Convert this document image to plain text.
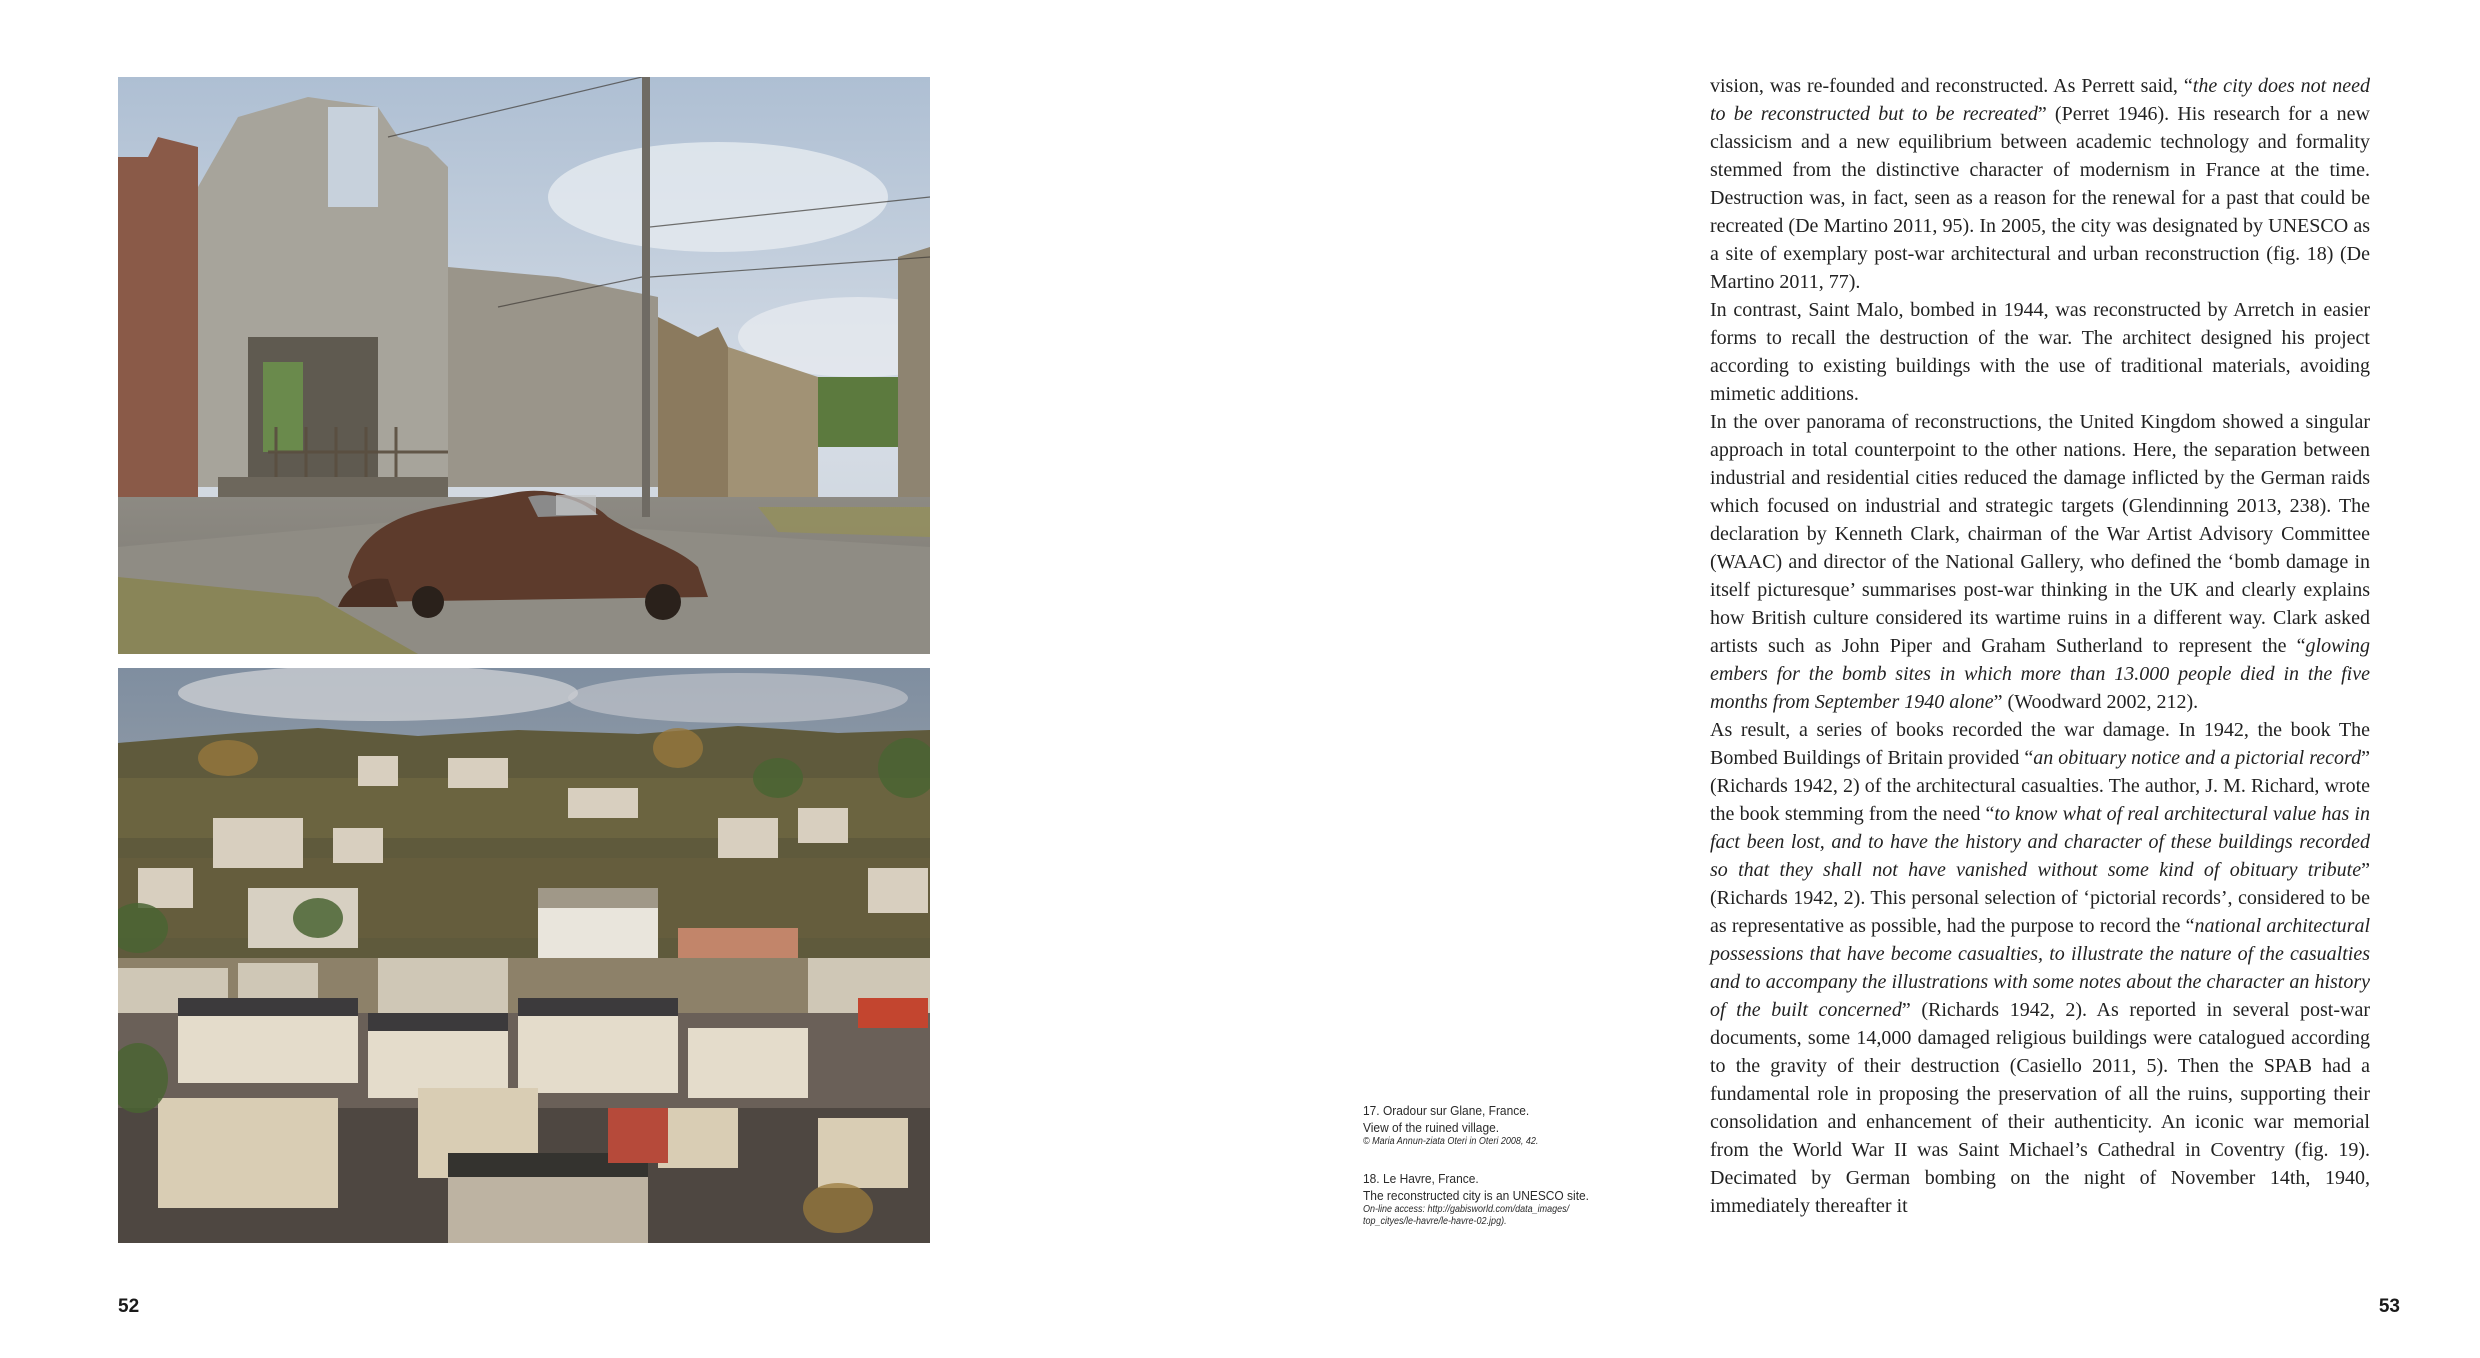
52
17. Oradour sur Glane, France.
View of the ruined village.
© Maria Annun-ziata Oteri in Oteri 2008, 42.
18. Le Havre, France.
The reconstructed city is an UNESCO site.
On-line access: http://gabisworld.com/data_images/
top_cityes/le-havre/le-havre-02.jpg).

vision, was re-founded and reconstructed. As Perrett said, “the city does not need to be reconstructed but to be recreated” (Perret 1946). His research for a new classicism and a new equilibrium between academic technology and formality stemmed from the distinctive character of modernism in France at the time. Destruction was, in fact, seen as a reason for the renewal for a past that could be recreated (De Martino 2011, 95). In 2005, the city was designated by UNESCO as a site of exemplary post-war architectural and urban reconstruction (fig. 18) (De Martino 2011, 77).

In contrast, Saint Malo, bombed in 1944, was reconstructed by Arretch in easier forms to recall the destruction of the war. The architect designed his project according to existing buildings with the use of traditional materials, avoiding mimetic additions.

In the over panorama of reconstructions, the United Kingdom showed a singular approach in total counterpoint to the other nations. Here, the separation between industrial and residential cities reduced the damage inflicted by the German raids which focused on industrial and strategic targets (Glendinning 2013, 238). The declaration by Kenneth Clark, chairman of the War Artist Advisory Committee (WAAC) and director of the National Gallery, who defined the ‘bomb damage in itself picturesque’ summarises post-war thinking in the UK and clearly explains how British culture considered its wartime ruins in a different way. Clark asked artists such as John Piper and Graham Sutherland to represent the “glowing embers for the bomb sites in which more than 13.000 people died in the five months from September 1940 alone” (Woodward 2002, 212).

As result, a series of books recorded the war damage. In 1942, the book The Bombed Buildings of Britain provided “an obituary notice and a pictorial record” (Richards 1942, 2) of the architectural casualties. The author, J. M. Richard, wrote the book stemming from the need “to know what of real architectural value has in fact been lost, and to have the history and character of these buildings recorded so that they shall not have vanished without some kind of obituary tribute” (Richards 1942, 2). This personal selection of ‘pictorial records’, considered to be as representative as possible, had the purpose to record the “national architectural possessions that have become casualties, to illustrate the nature of the casualties and to accompany the illustrations with some notes about the character an history of the built concerned” (Richards 1942, 2). As reported in several post-war documents, some 14,000 damaged religious buildings were catalogued according to the gravity of their destruction (Casiello 2011, 5). Then the SPAB had a fundamental role in proposing the preservation of all the ruins, supporting their consolidation and enhancement of their authenticity. An iconic war memorial from the World War II was Saint Michael’s Cathedral in Coventry (fig. 19). Decimated by German bombing on the night of November 14th, 1940, immediately thereafter it

53
